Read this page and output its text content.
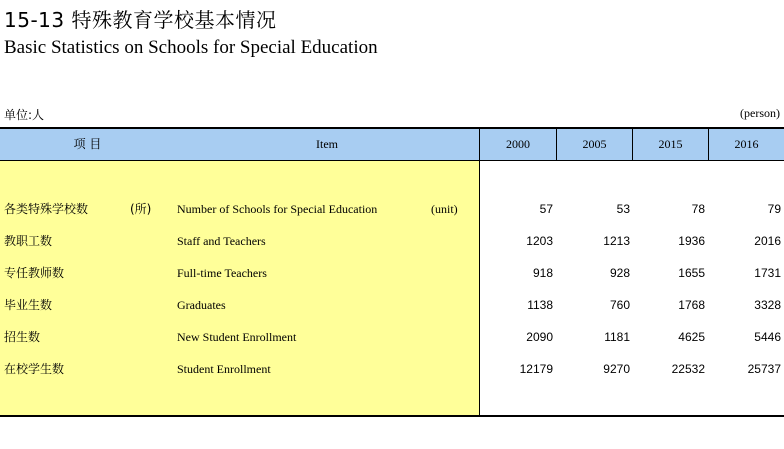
15-13 特殊教育学校基本情况
Basic Statistics on Schools for Special Education
单位:人	(person)
项 目	Item	2000	2005	2015	2016
各类特殊学校数	(所) Number of Schools for Special Education	(unit)	57	53	78	79
教职工数	Staff and Teachers	1203	1213	1936	2016
专任教师数	Full-time Teachers	918	928	1655	1731
毕业生数	Graduates	1138	760	1768	3328
招生数	New Student Enrollment	2090	1181	4625	5446
在校学生数	Student Enrollment	12179	9270	22532	25737
